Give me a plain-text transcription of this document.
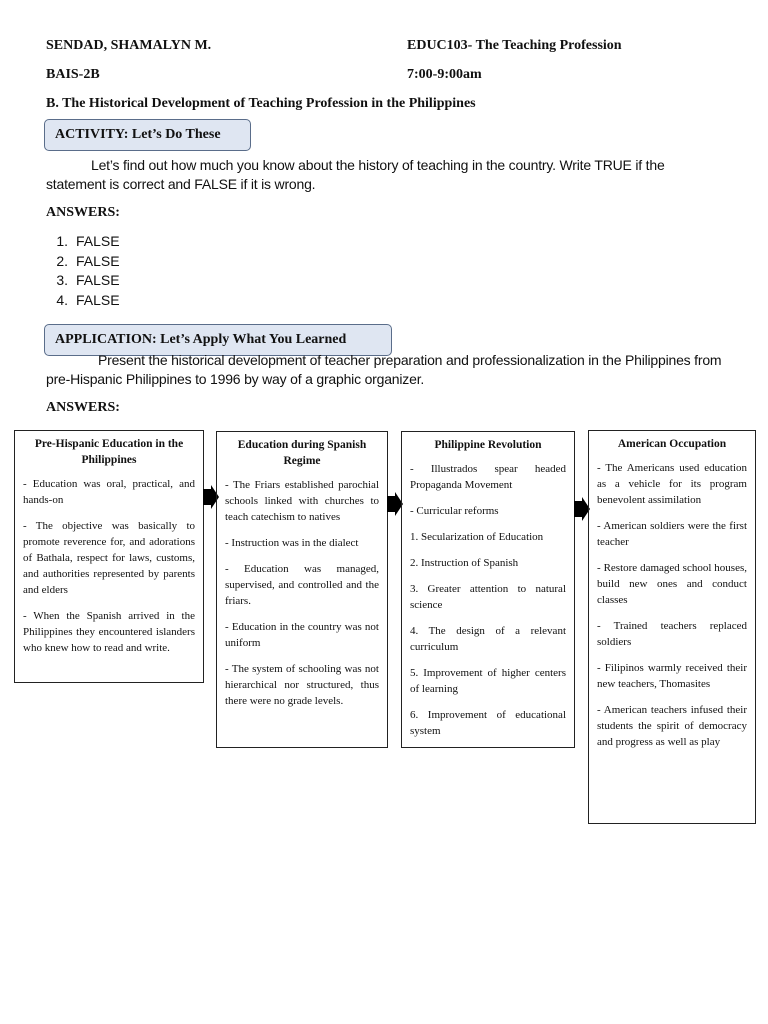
SENDAD, SHAMALYN M.	EDUC103- The Teaching Profession
BAIS-2B	7:00-9:00am
B. The Historical Development of Teaching Profession in the Philippines
ACTIVITY: Let’s Do These
Let’s find out how much you know about the history of teaching in the country. Write TRUE if the statement is correct and FALSE if it is wrong.
ANSWERS:
1. FALSE
2. FALSE
3. FALSE
4. FALSE
APPLICATION: Let’s Apply What You Learned
Present the historical development of teacher preparation and professionalization in the Philippines from pre-Hispanic Philippines to 1996 by way of a graphic organizer.
ANSWERS:
Pre-Hispanic Education in the Philippines
- Education was oral, practical, and hands-on
- The objective was basically to promote reverence for, and adorations of Bathala, respect for laws, customs, and authorities represented by parents and elders
- When the Spanish arrived in the Philippines they encountered islanders who knew how to read and write.
Education during Spanish Regime
- The Friars established parochial schools linked with churches to teach catechism to natives
- Instruction was in the dialect
- Education was managed, supervised, and controlled and the friars.
- Education in the country was not uniform
- The system of schooling was not hierarchical nor structured, thus there were no grade levels.
Philippine Revolution
- Illustrados spear headed Propaganda Movement
- Curricular reforms
1. Secularization of Education
2. Instruction of Spanish
3. Greater attention to natural science
4. The design of a relevant curriculum
5. Improvement of higher centers of learning
6. Improvement of educational system
American Occupation
- The Americans used education as a vehicle for its program benevolent assimilation
- American soldiers were the first teacher
- Restore damaged school houses, build new ones and conduct classes
- Trained teachers replaced soldiers
- Filipinos warmly received their new teachers, Thomasites
- American teachers infused their students the spirit of democracy and progress as well as play
